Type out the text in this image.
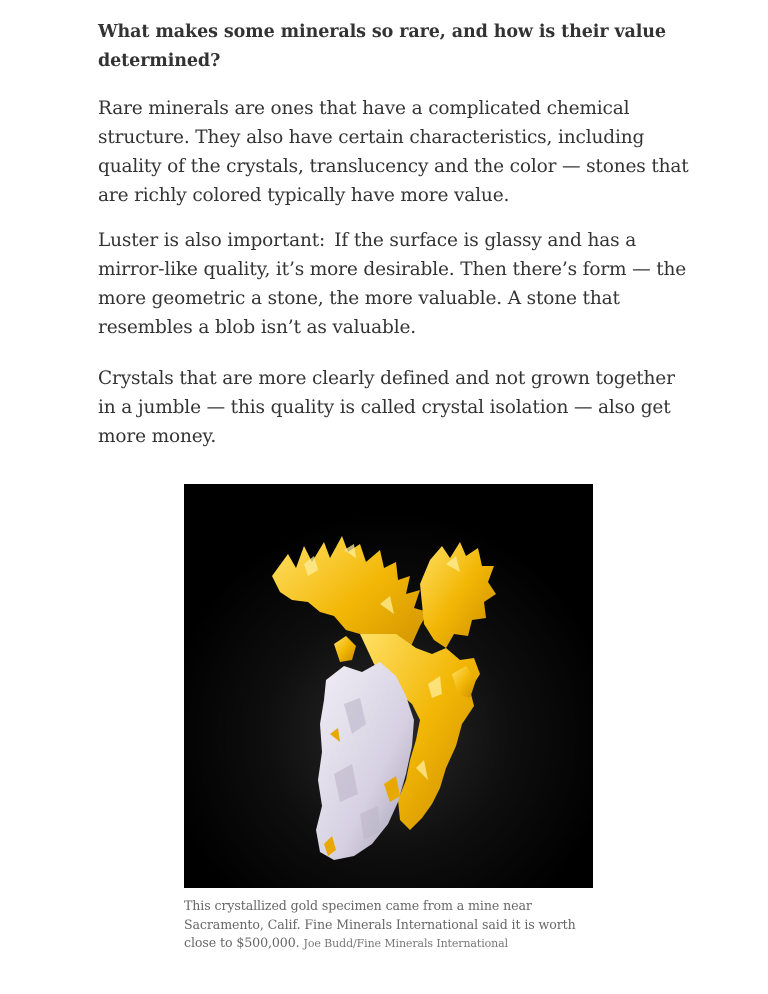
What makes some minerals so rare, and how is their value determined?

Rare minerals are ones that have a complicated chemical structure. They also have certain characteristics, including quality of the crystals, translucency and the color — stones that are richly colored typically have more value.

Luster is also important: If the surface is glassy and has a mirror-like quality, it’s more desirable. Then there’s form — the more geometric a stone, the more valuable. A stone that resembles a blob isn’t as valuable.

Crystals that are more clearly defined and not grown together in a jumble — this quality is called crystal isolation — also get more money.

This crystallized gold specimen came from a mine near Sacramento, Calif. Fine Minerals International said it is worth close to $500,000. Joe Budd/Fine Minerals International
